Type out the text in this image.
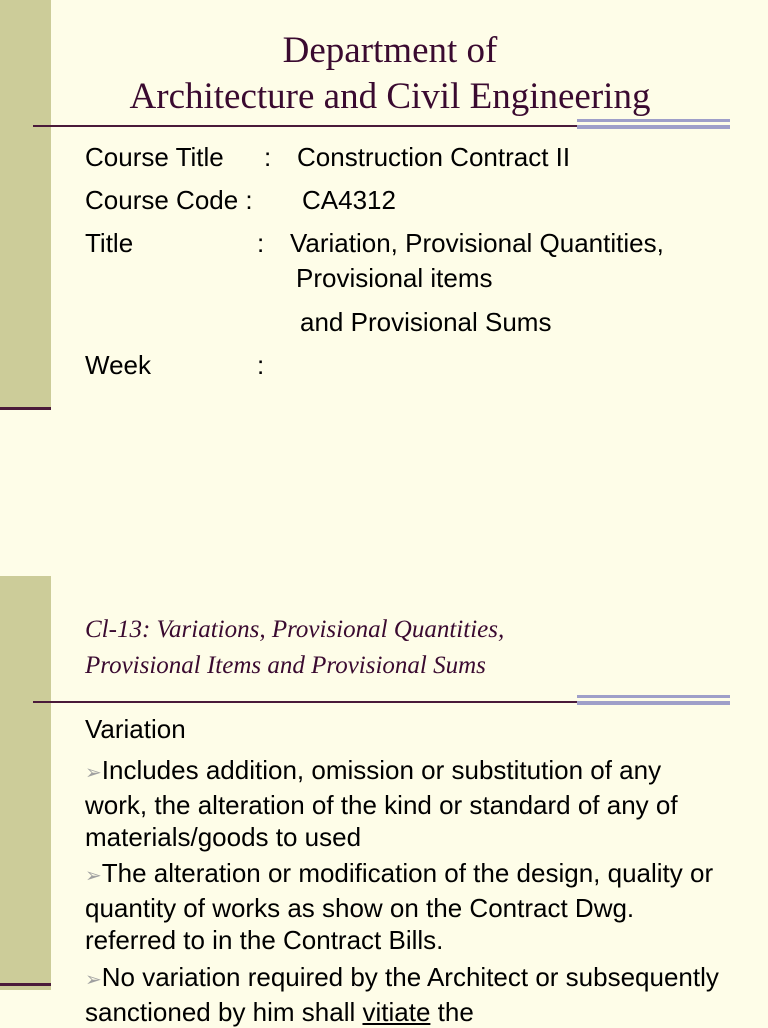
Department of
Architecture and Civil Engineering
Course Title : Construction Contract II
Course Code : CA4312
Title	: Variation, Provisional Quantities,
Provisional items
and Provisional Sums
Week	:
Cl-13: Variations, Provisional Quantities,
Provisional Items and Provisional Sums
Variation
➢Includes addition, omission or substitution of any work, the alteration of the kind or standard of any of materials/goods to used
➢The alteration or modification of the design, quality or quantity of works as show on the Contract Dwg. referred to in the Contract Bills.
➢No variation required by the Architect or subsequently sanctioned by him shall vitiate the
